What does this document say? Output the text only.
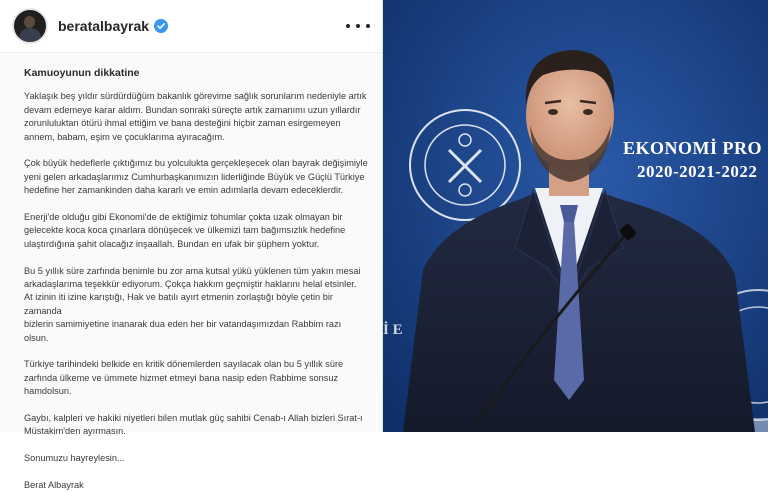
beratalbayrak
Kamuoyunun dikkatine
Yaklaşık beş yıldır sürdürdüğüm bakanlık görevime sağlık sorunlarım nedeniyle artık
devam edemeye karar aldım. Bundan sonraki süreçte artık zamanımı uzun yıllardır
zorunluluktan ötürü ihmal ettiğim ve bana desteğini hiçbir zaman esirgemeyen
annem, babam, eşim ve çocuklarıma ayıracağım.
Çok büyük hedeflerle çıktığımız bu yolculukta gerçekleşecek olan bayrak değişimiyle
yeni gelen arkadaşlarımız Cumhurbaşkanımızın liderliğinde Büyük ve Güçlü Türkiye
hedefine her zamankinden daha kararlı ve emin adımlarla devam edeceklerdir.
Enerji'de olduğu gibi Ekonomi'de de ektiğimiz tohumlar çokta uzak olmayan bir
gelecekte koca koca çınarlara dönüşecek ve ülkemizi tam bağımsızlık hedefine
ulaştırdığına şahit olacağız inşaallah. Bundan en ufak bir şüphem yoktur.
Bu 5 yıllık süre zarfında benimle bu zor ama kutsal yükü yüklenen tüm yakın mesai
arkadaşlarıma teşekkür ediyorum. Çokça hakkım geçmiştir haklarını helal etsinler.
At izinin iti izine karıştığı, Hak ve batılı ayırt etmenin zorlaştığı böyle çetin bir zamanda
bizlerin samimiyetine inanarak dua eden her bir vatandaşımızdan Rabbim razı olsun.
Türkiye tarihindeki belkide en kritik dönemlerden sayılacak olan bu 5 yıllık süre
zarfında ülkeme ve ümmete hizmet etmeyi bana nasip eden Rabbime sonsuz
hamdolsun.
Gaybı, kalpleri ve hakiki niyetleri bilen mutlak güç sahibi Cenab-ı Allah bizleri Sırat-ı
Müstakim'den ayırmasın.
Sonumuzu hayreylesin...
Berat Albayrak
EKONOMİ PRO
2020-2021-2022
İ E
